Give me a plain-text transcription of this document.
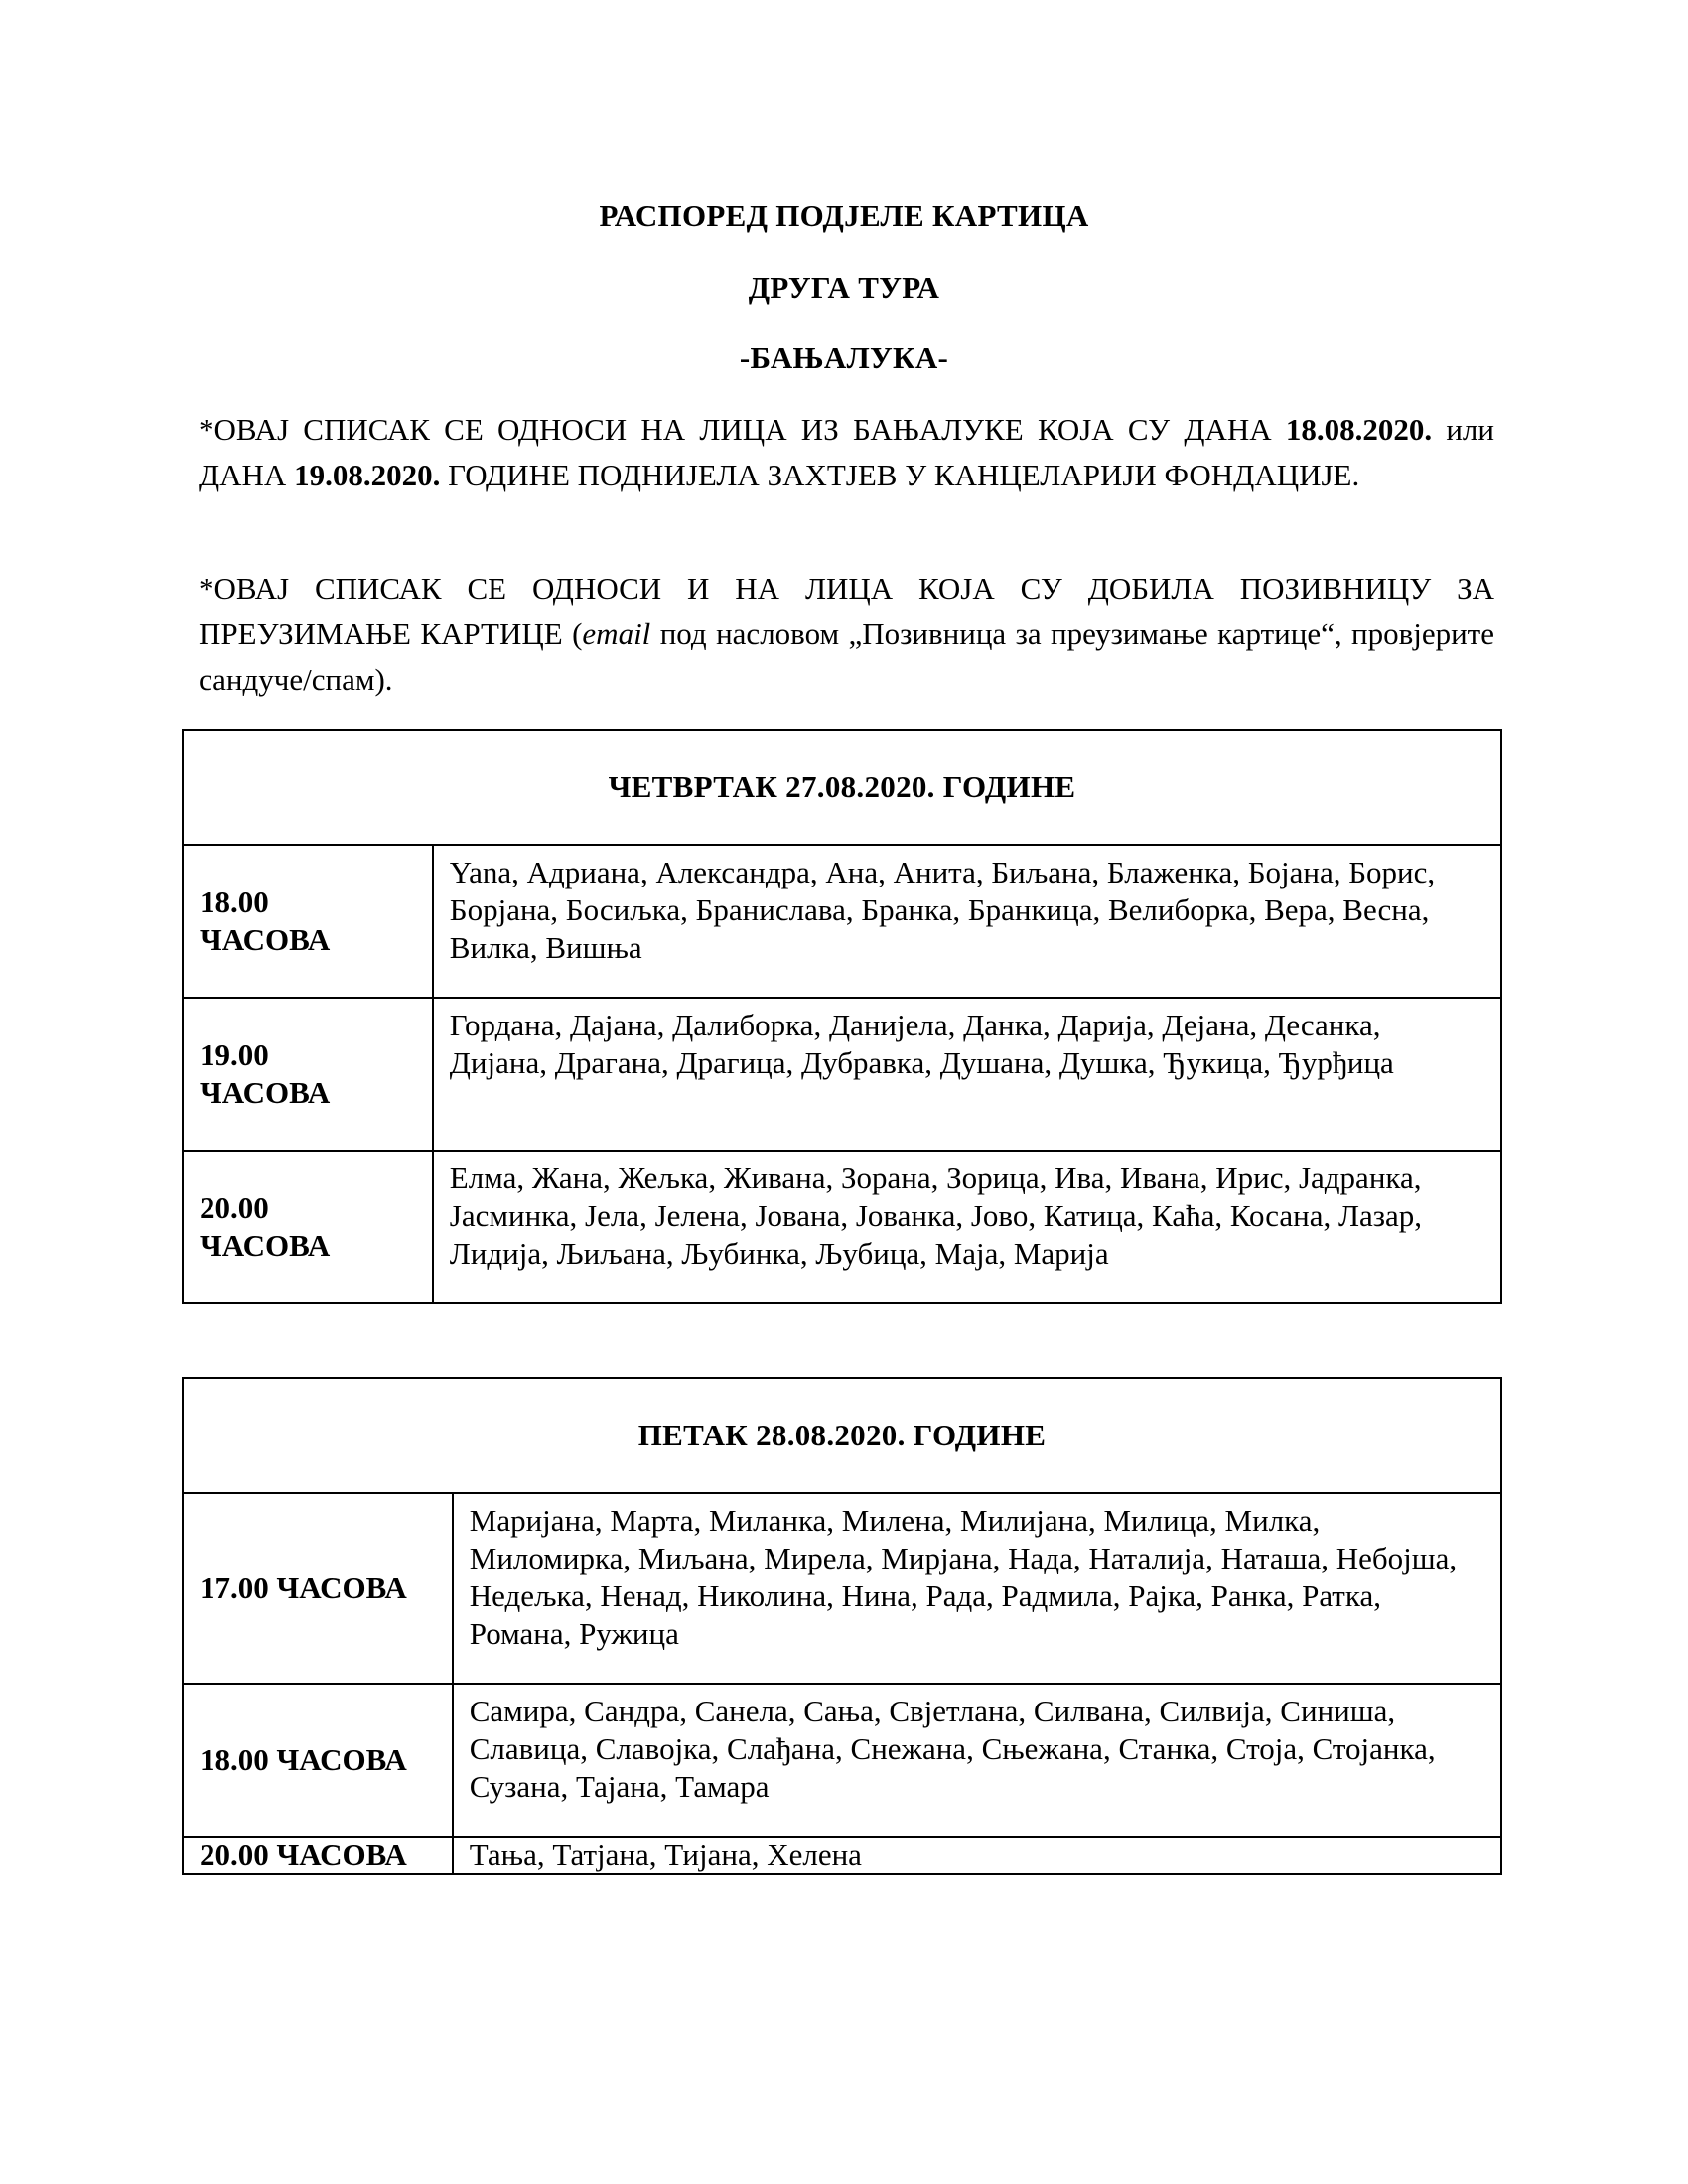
РАСПОРЕД ПОДЈЕЛЕ КАРТИЦА
ДРУГА ТУРА
-БАЊАЛУКА-
*ОВАЈ СПИСАК СЕ ОДНОСИ НА ЛИЦА ИЗ БАЊАЛУКЕ КОЈА СУ ДАНА 18.08.2020. или ДАНА 19.08.2020. ГОДИНЕ ПОДНИЈЕЛА ЗАХТЈЕВ У КАНЦЕЛАРИЈИ ФОНДАЦИЈЕ.
*ОВАЈ СПИСАК СЕ ОДНОСИ И НА ЛИЦА КОЈА СУ ДОБИЛА ПОЗИВНИЦУ ЗА ПРЕУЗИМАЊЕ КАРТИЦЕ (email под насловом „Позивница за преузимање картице“, провјерите сандуче/спам).
ЧЕТВРТАК 27.08.2020. ГОДИНЕ	

18.00
ЧАСОВА	Yana, Адриана, Александра, Ана, Анита, Биљана, Блаженка, Бојана, Борис, Борјана, Босиљка, Бранислава, Бранка, Бранкица, Велиборка, Вера, Весна, Вилка, Вишња

19.00
ЧАСОВА	Гордана, Дајана, Далиборка, Данијела, Данка, Дарија, Дејана, Десанка, Дијана, Драгана, Драгица, Дубравка, Душана, Душка, Ђукица, Ђурђица

20.00
ЧАСОВА	Елма, Жана, Жељка, Живана, Зорана, Зорица, Ива, Ивана, Ирис, Јадранка, Јасминка, Јела, Јелена, Јована, Јованка, Јово, Катица, Каћа, Косана, Лазар, Лидија, Љиљана, Љубинка, Љубица, Маја, Марија
ПЕТАК 28.08.2020. ГОДИНЕ	
17.00 ЧАСОВА	Маријана, Марта, Миланка, Милена, Милијана, Милица, Милка, Миломирка, Миљана, Мирела, Мирјана, Нада, Наталија, Наташа, Небојша, Недељка, Ненад, Николина, Нина, Рада, Радмила, Рајка, Ранка, Ратка, Романа, Ружица
18.00 ЧАСОВА	Самира, Сандра, Санела, Сања, Свјетлана, Силвана, Силвија, Синиша, Славица, Славојка, Слађана, Снежана, Сњежана, Станка, Стоја, Стојанка, Сузана, Тајана, Тамара
20.00 ЧАСОВА	Тања, Татјана, Тијана, Хелена
